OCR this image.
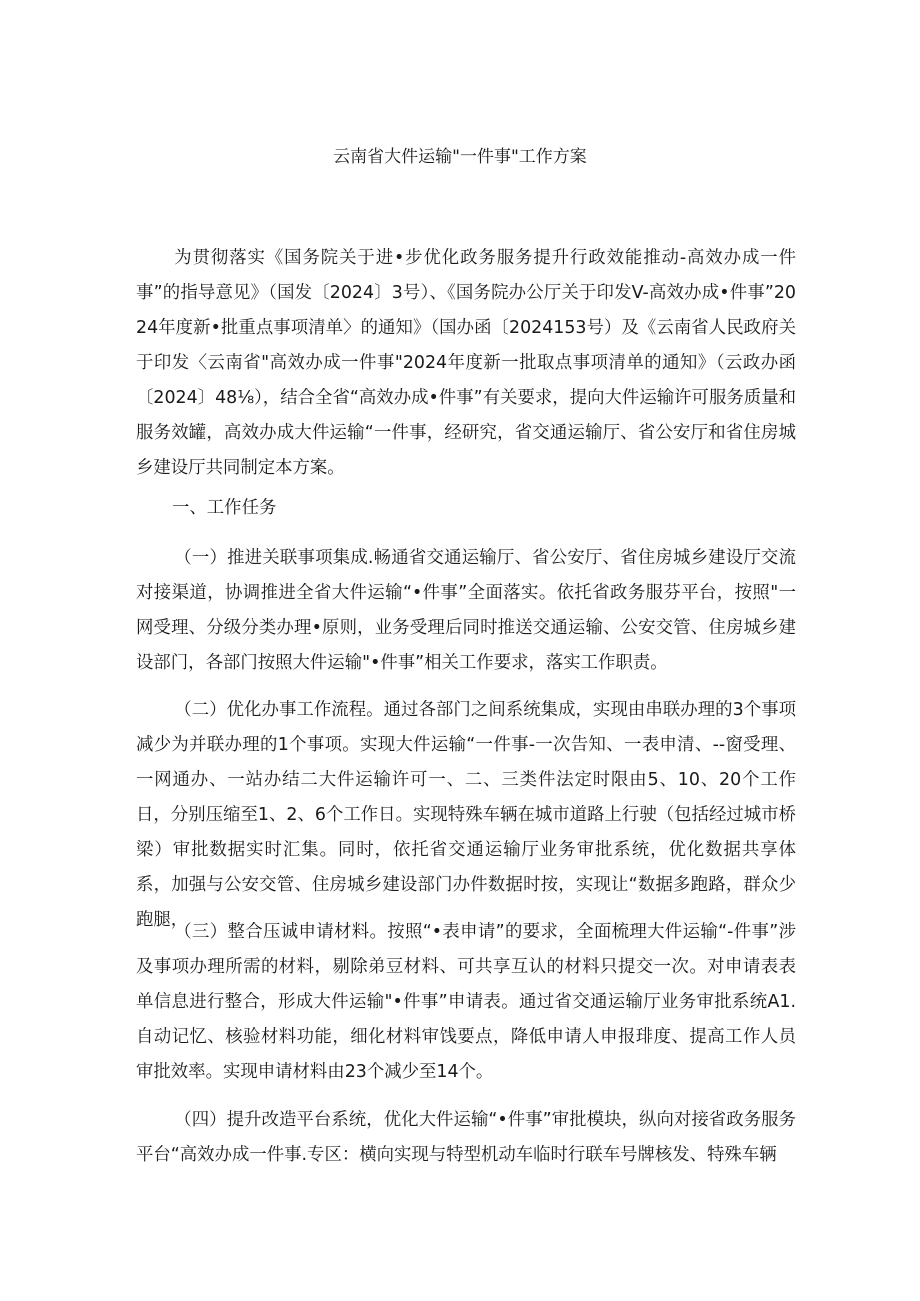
云南省大件运输"一件事"工作方案

为贯彻落实《国务院关于进•步优化政务服务提升行政效能推动-高效办成一件事”的指导意见》（国发〔2024〕3号）、《国务院办公厅关于印发V-高效办成•件事”2024年度新•批重点事项清单〉的通知》（国办函〔2024153号）及《云南省人民政府关于印发〈云南省"高效办成一件事"2024年度新一批取点事项清单的通知》（云政办函〔2024〕48⅛），结合全省“高效办成•件事”有关要求，提向大件运输许可服务质量和服务效罐，高效办成大件运输“一件事，经研究，省交通运输厅、省公安厅和省住房城乡建设厅共同制定本方案。

一、工作任务

（一）推进关联事项集成.畅通省交通运输厅、省公安厅、省住房城乡建设厅交流对接渠道，协调推进全省大件运输“•件事”全面落实。依托省政务服芬平台，按照"一网受理、分级分类办理•原则，业务受理后同时推送交通运输、公安交管、住房城乡建设部门，各部门按照大件运输"•件事”相关工作要求，落实工作职责。

（二）优化办事工作流程。通过各部门之间系统集成，实现由串联办理的3个事项减少为并联办理的1个事项。实现大件运输“一件事-一次告知、一表申清、--窗受理、一网通办、一站办结二大件运输许可一、二、三类件法定时限由5、10、20个工作日，分别压缩至1、2、6个工作日。实现特殊车辆在城市道路上行驶（包括经过城市桥梁）审批数据实时汇集。同时，依托省交通运输厅业务审批系统，优化数据共享体系，加强与公安交管、住房城乡建设部门办件数据时按，实现让“数据多跑路，群众少跑腿，

（三）整合压诚申请材料。按照“•表申请”的要求，全面梳理大件运输“-件事”涉及事项办理所需的材料，剔除弟豆材料、可共享互认的材料只提交一次。对申请表表单信息进行整合，形成大件运输"•件事”申请表。通过省交通运输厅业务审批系统A1.自动记忆、核验材料功能，细化材料审饯要点，降低申请人申报琲度、提高工作人员审批效率。实现申请材料由23个减少至14个。

（四）提升改造平台系统，优化大件运输“•件事”审批模块，纵向对接省政务服务平台“高效办成一件事.专区：横向实现与特型机动车临时行联车号牌核发、特殊车辆
